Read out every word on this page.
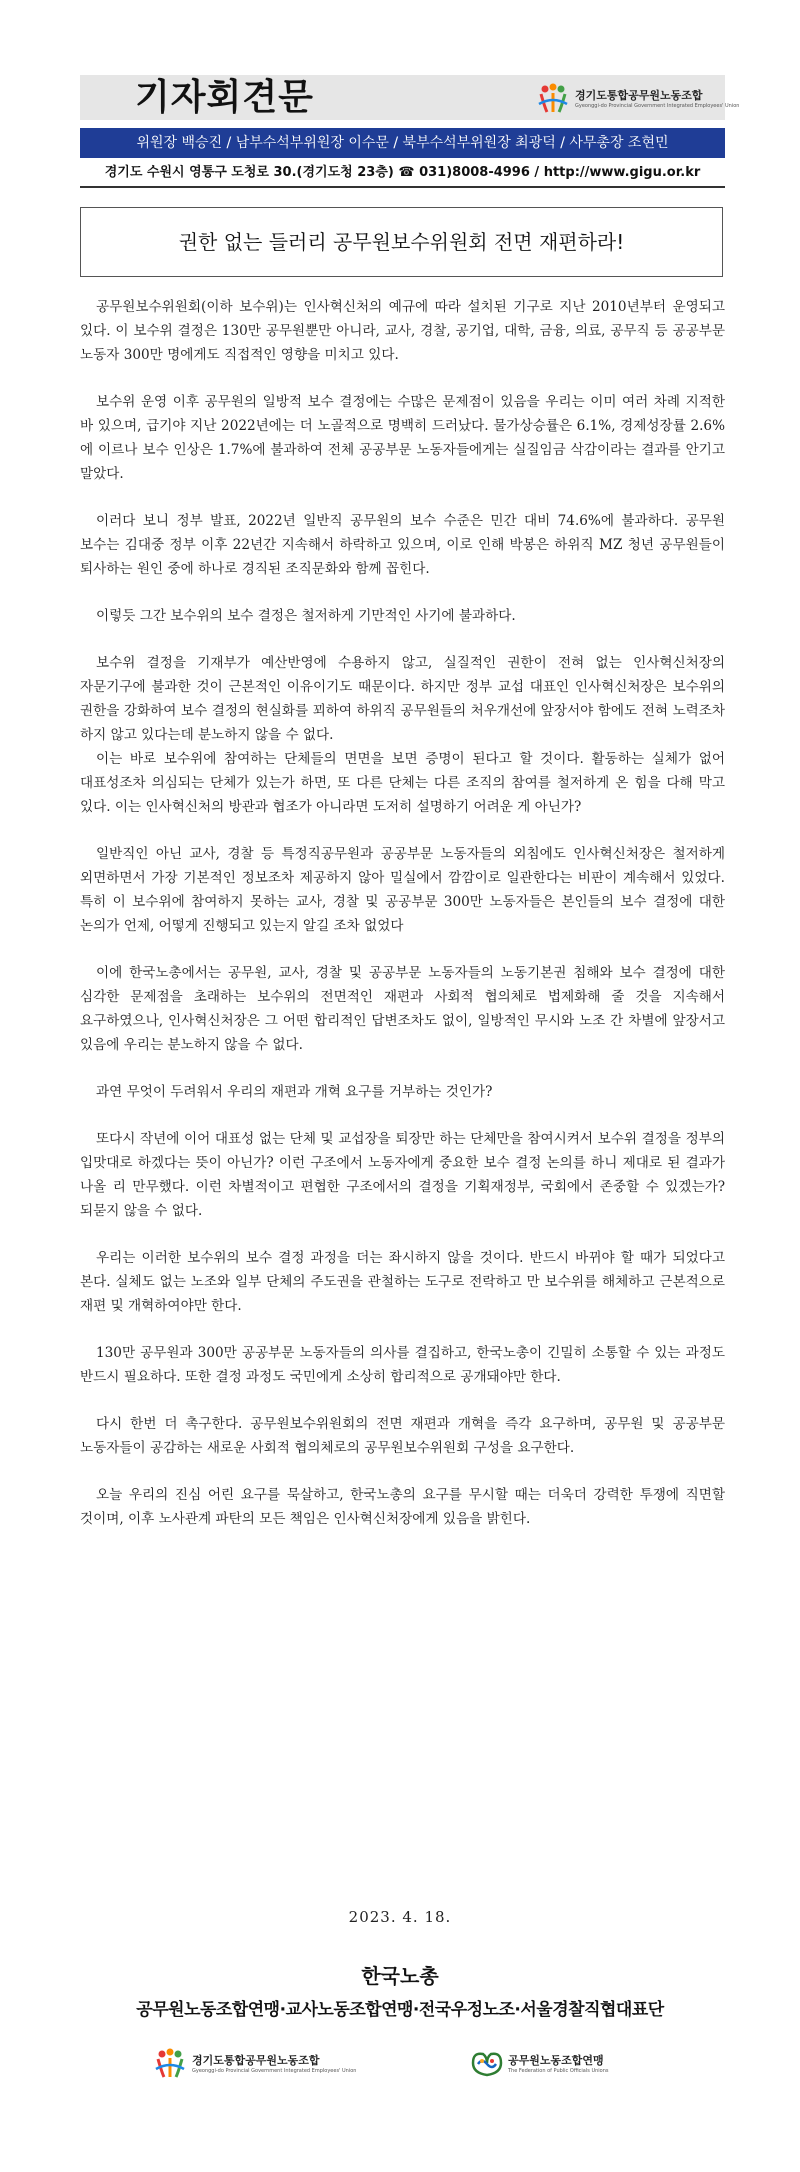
기자회견문	경기도통합공무원노동조합
Gyeonggi-do Provincial Government Integrated Employees' Union
위원장 백승진 / 남부수석부위원장 이수문 / 북부수석부위원장 최광덕 / 사무총장 조현민
경기도 수원시 영통구 도청로 30.(경기도청 23층) ☎ 031)8008-4996 / http://www.gigu.or.kr
권한 없는 들러리 공무원보수위원회 전면 재편하라!

공무원보수위원회(이하 보수위)는 인사혁신처의 예규에 따라 설치된 기구로 지난 2010년부터 운영되고 있다. 이 보수위 결정은 130만 공무원뿐만 아니라, 교사, 경찰, 공기업, 대학, 금융, 의료, 공무직 등 공공부문 노동자 300만 명에게도 직접적인 영향을 미치고 있다.

보수위 운영 이후 공무원의 일방적 보수 결정에는 수많은 문제점이 있음을 우리는 이미 여러 차례 지적한 바 있으며, 급기야 지난 2022년에는 더 노골적으로 명백히 드러났다. 물가상승률은 6.1%, 경제성장률 2.6%에 이르나 보수 인상은 1.7%에 불과하여 전체 공공부문 노동자들에게는 실질임금 삭감이라는 결과를 안기고 말았다.

이러다 보니 정부 발표, 2022년 일반직 공무원의 보수 수준은 민간 대비 74.6%에 불과하다. 공무원 보수는 김대중 정부 이후 22년간 지속해서 하락하고 있으며, 이로 인해 박봉은 하위직 MZ 청년 공무원들이 퇴사하는 원인 중에 하나로 경직된 조직문화와 함께 꼽힌다.

이렇듯 그간 보수위의 보수 결정은 철저하게 기만적인 사기에 불과하다.

보수위 결정을 기재부가 예산반영에 수용하지 않고, 실질적인 권한이 전혀 없는 인사혁신처장의 자문기구에 불과한 것이 근본적인 이유이기도 때문이다. 하지만 정부 교섭 대표인 인사혁신처장은 보수위의 권한을 강화하여 보수 결정의 현실화를 꾀하여 하위직 공무원들의 처우개선에 앞장서야 함에도 전혀 노력조차 하지 않고 있다는데 분노하지 않을 수 없다.

이는 바로 보수위에 참여하는 단체들의 면면을 보면 증명이 된다고 할 것이다. 활동하는 실체가 없어 대표성조차 의심되는 단체가 있는가 하면, 또 다른 단체는 다른 조직의 참여를 철저하게 온 힘을 다해 막고 있다. 이는 인사혁신처의 방관과 협조가 아니라면 도저히 설명하기 어려운 게 아닌가?

일반직인 아닌 교사, 경찰 등 특정직공무원과 공공부문 노동자들의 외침에도 인사혁신처장은 철저하게 외면하면서 가장 기본적인 정보조차 제공하지 않아 밀실에서 깜깜이로 일관한다는 비판이 계속해서 있었다. 특히 이 보수위에 참여하지 못하는 교사, 경찰 및 공공부문 300만 노동자들은 본인들의 보수 결정에 대한 논의가 언제, 어떻게 진행되고 있는지 알길 조차 없었다

이에 한국노총에서는 공무원, 교사, 경찰 및 공공부문 노동자들의 노동기본권 침해와 보수 결정에 대한 심각한 문제점을 초래하는 보수위의 전면적인 재편과 사회적 협의체로 법제화해 줄 것을 지속해서 요구하였으나, 인사혁신처장은 그 어떤 합리적인 답변조차도 없이, 일방적인 무시와 노조 간 차별에 앞장서고 있음에 우리는 분노하지 않을 수 없다.

과연 무엇이 두려워서 우리의 재편과 개혁 요구를 거부하는 것인가?

또다시 작년에 이어 대표성 없는 단체 및 교섭장을 퇴장만 하는 단체만을 참여시켜서 보수위 결정을 정부의 입맛대로 하겠다는 뜻이 아닌가? 이런 구조에서 노동자에게 중요한 보수 결정 논의를 하니 제대로 된 결과가 나올 리 만무했다. 이런 차별적이고 편협한 구조에서의 결정을 기획재정부, 국회에서 존중할 수 있겠는가? 되묻지 않을 수 없다.

우리는 이러한 보수위의 보수 결정 과정을 더는 좌시하지 않을 것이다. 반드시 바뀌야 할 때가 되었다고 본다. 실체도 없는 노조와 일부 단체의 주도권을 관철하는 도구로 전락하고 만 보수위를 해체하고 근본적으로 재편 및 개혁하여야만 한다.

130만 공무원과 300만 공공부문 노동자들의 의사를 결집하고, 한국노총이 긴밀히 소통할 수 있는 과정도 반드시 필요하다. 또한 결정 과정도 국민에게 소상히 합리적으로 공개돼야만 한다.

다시 한번 더 촉구한다. 공무원보수위원회의 전면 재편과 개혁을 즉각 요구하며, 공무원 및 공공부문 노동자들이 공감하는 새로운 사회적 협의체로의 공무원보수위원회 구성을 요구한다.

오늘 우리의 진심 어린 요구를 묵살하고, 한국노총의 요구를 무시할 때는 더욱더 강력한 투쟁에 직면할 것이며, 이후 노사관계 파탄의 모든 책임은 인사혁신처장에게 있음을 밝힌다.

2023. 4. 18.
한국노총
공무원노동조합연맹·교사노동조합연맹·전국우정노조·서울경찰직협대표단
경기도통합공무원노동조합
Gyeonggi-do Provincial Government Integrated Employees' Union
공무원노동조합연맹
The Federation of Public Officials Unions
